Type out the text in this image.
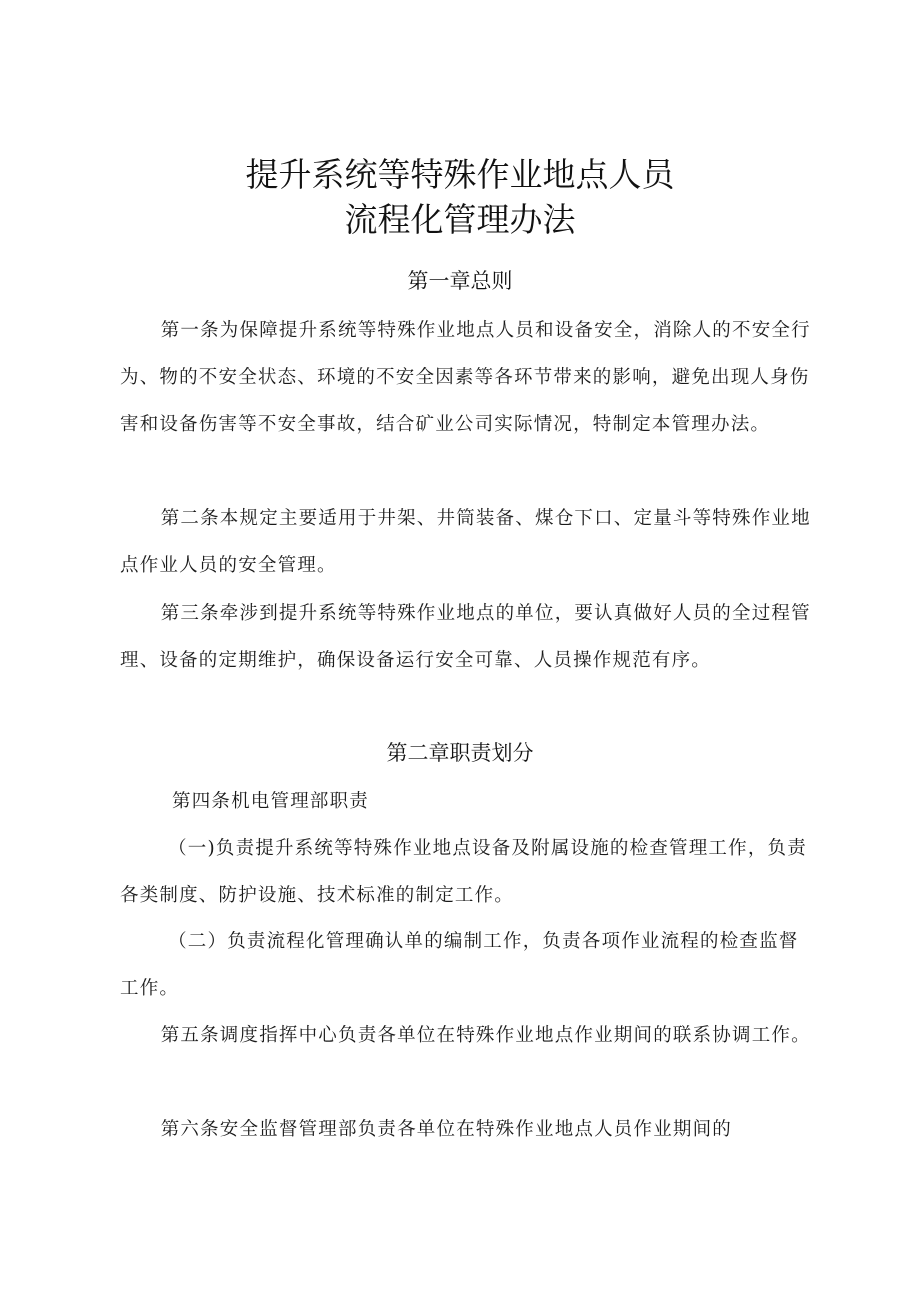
提升系统等特殊作业地点人员
流程化管理办法
第一章总则
第一条为保障提升系统等特殊作业地点人员和设备安全，消除人的不安全行为、物的不安全状态、环境的不安全因素等各环节带来的影响，避免出现人身伤害和设备伤害等不安全事故，结合矿业公司实际情况，特制定本管理办法。
第二条本规定主要适用于井架、井筒装备、煤仓下口、定量斗等特殊作业地点作业人员的安全管理。
第三条牵涉到提升系统等特殊作业地点的单位，要认真做好人员的全过程管理、设备的定期维护，确保设备运行安全可靠、人员操作规范有序。
第二章职责划分
第四条机电管理部职责
（一)负责提升系统等特殊作业地点设备及附属设施的检查管理工作，负责各类制度、防护设施、技术标准的制定工作。
（二）负责流程化管理确认单的编制工作，负责各项作业流程的检查监督工作。
第五条调度指挥中心负责各单位在特殊作业地点作业期间的联系协调工作。
第六条安全监督管理部负责各单位在特殊作业地点人员作业期间的
